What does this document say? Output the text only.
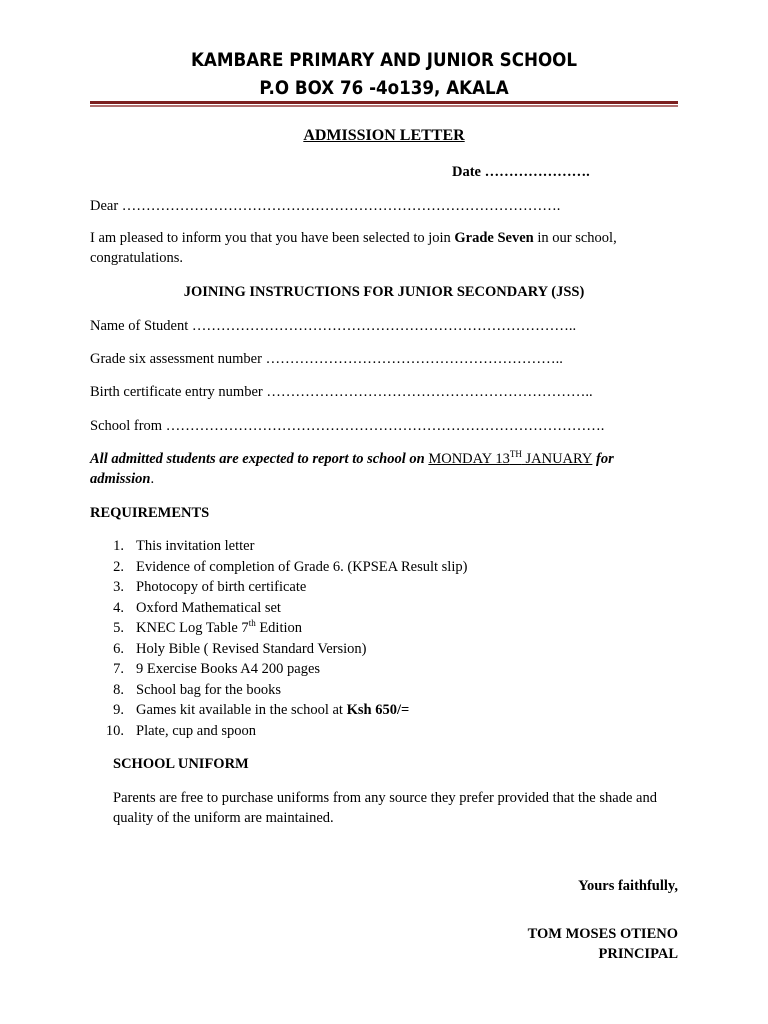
KAMBARE PRIMARY AND JUNIOR SCHOOL
P.O BOX 76 -4o139, AKALA
ADMISSION LETTER
Date ………………….
Dear ……………………………………………………………………………….
I am pleased to inform you that you have been selected to join Grade Seven in our school, congratulations.
JOINING INSTRUCTIONS FOR JUNIOR SECONDARY (JSS)
Name of Student ……………………………………………………………………..
Grade six assessment number ……………………………………………………..
Birth certificate entry number …………………………………………………………..
School from ……………………………………………………………………………….
All admitted students are expected to report to school on MONDAY 13TH JANUARY for admission.
REQUIREMENTS
1. This invitation letter
2. Evidence of completion of Grade 6. (KPSEA Result slip)
3. Photocopy of birth certificate
4. Oxford Mathematical set
5. KNEC Log Table 7th Edition
6. Holy Bible ( Revised Standard Version)
7. 9 Exercise Books A4 200 pages
8. School bag for the books
9. Games kit available in the school at Ksh 650/=
10. Plate, cup and spoon
SCHOOL UNIFORM
Parents are free to purchase uniforms from any source they prefer provided that the shade and quality of the uniform are maintained.
Yours faithfully,
TOM MOSES OTIENO
PRINCIPAL
